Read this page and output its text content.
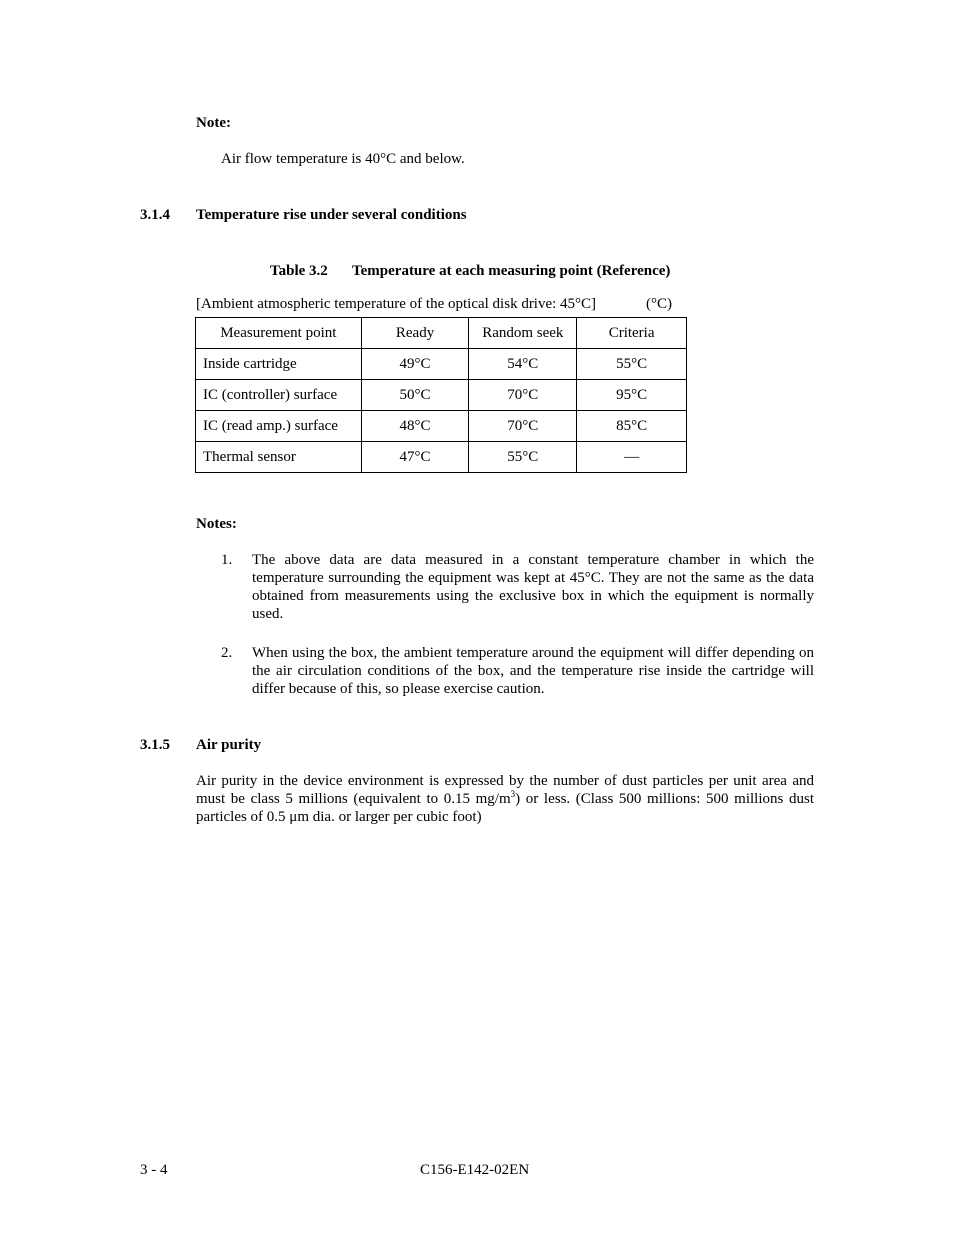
Note:
Air flow temperature is 40°C and below.
3.1.4 Temperature rise under several conditions
Table 3.2 Temperature at each measuring point (Reference)
[Ambient atmospheric temperature of the optical disk drive: 45°C]	(°C)
Measurement point	Ready	Random seek	Criteria
Inside cartridge	49°C	54°C	55°C
IC (controller) surface	50°C	70°C	95°C
IC (read amp.) surface	48°C	70°C	85°C
Thermal sensor	47°C	55°C	—
Notes:
1. The above data are data measured in a constant temperature chamber in which the temperature surrounding the equipment was kept at 45°C. They are not the same as the data obtained from measurements using the exclusive box in which the equipment is normally used.
2. When using the box, the ambient temperature around the equipment will differ depending on the air circulation conditions of the box, and the temperature rise inside the cartridge will differ because of this, so please exercise caution.
3.1.5 Air purity
Air purity in the device environment is expressed by the number of dust particles per unit area and must be class 5 millions (equivalent to 0.15 $mg/m^3$) or less. (Class 500 millions: 500 millions dust particles of 0.5 μm dia. or larger per cubic foot)
3 - 4	C156-E142-02EN
